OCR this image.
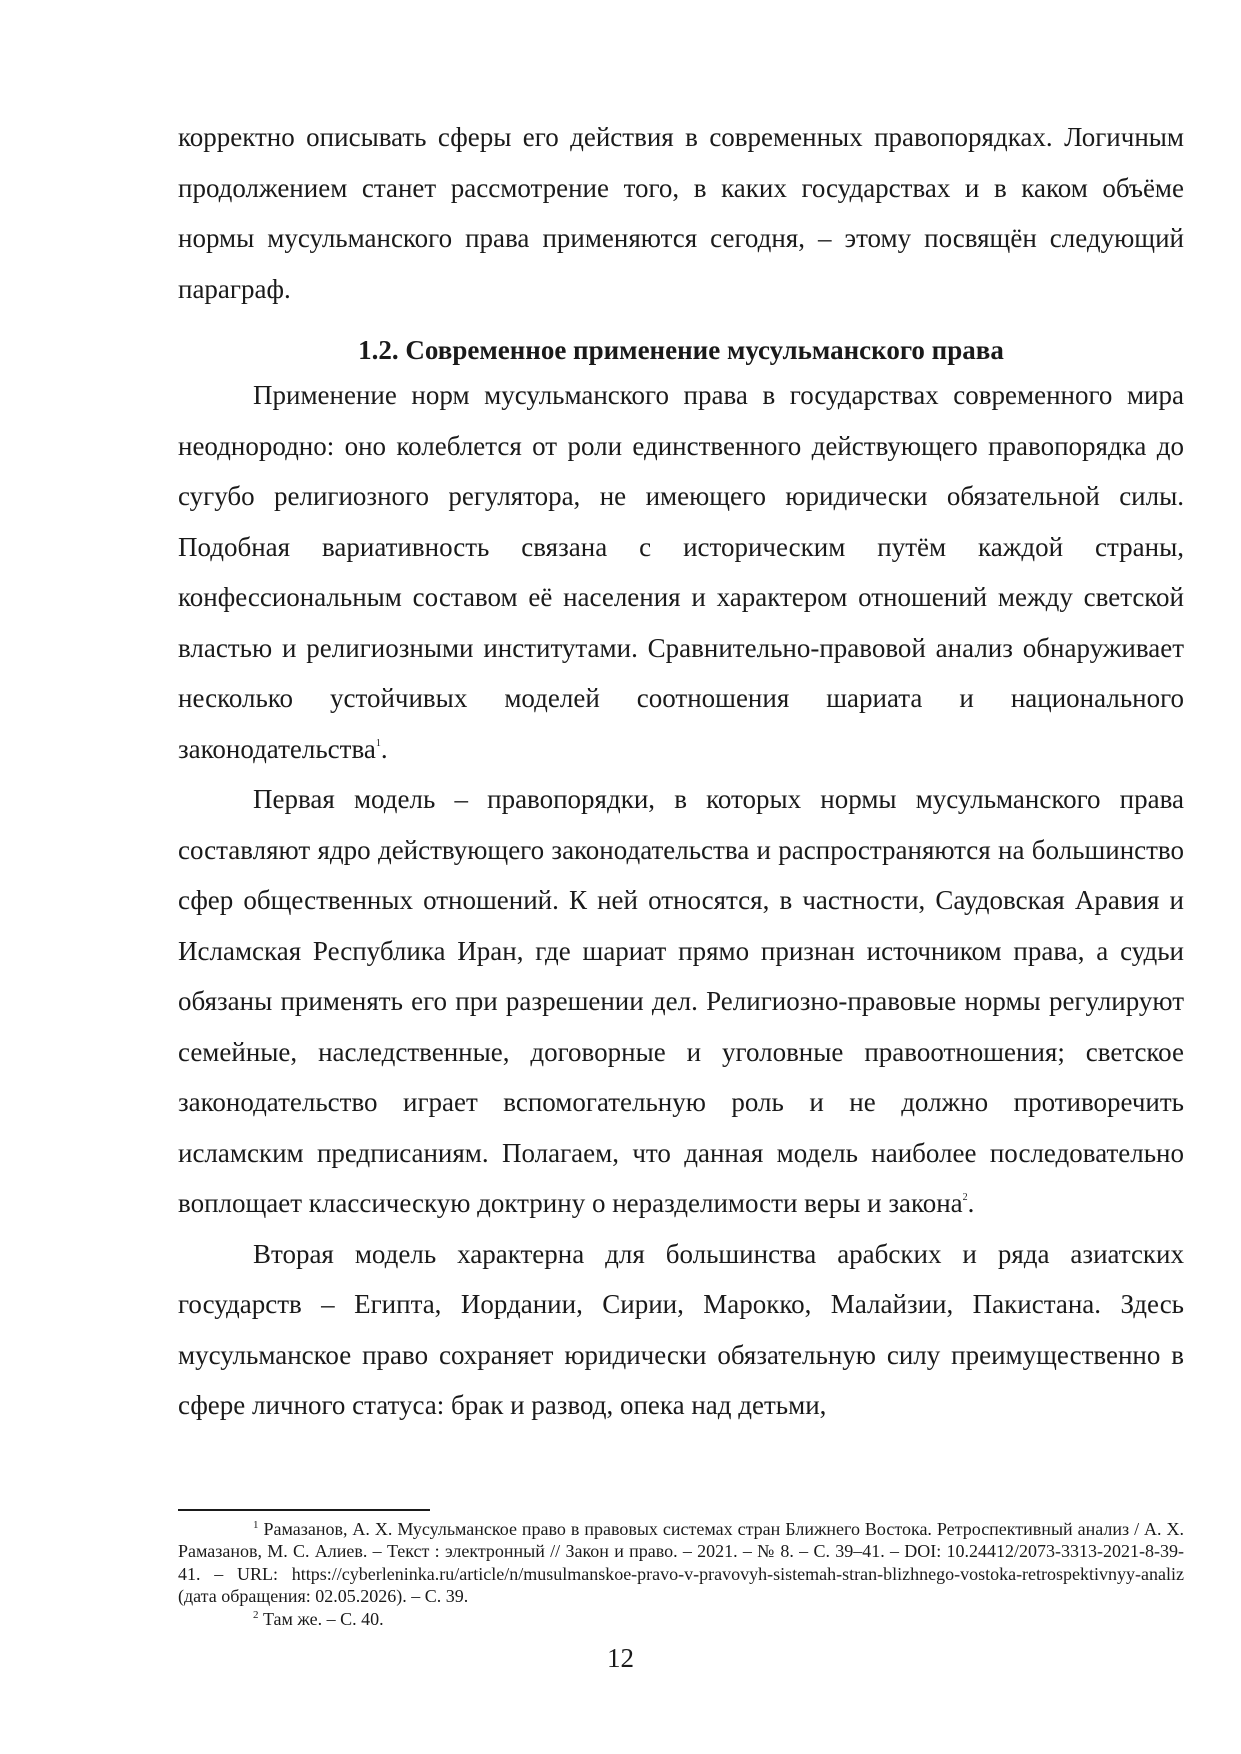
корректно описывать сферы его действия в современных правопорядках. Логичным продолжением станет рассмотрение того, в каких государствах и в каком объёме нормы мусульманского права применяются сегодня, – этому посвящён следующий параграф.

1.2. Современное применение мусульманского права

Применение норм мусульманского права в государствах современного мира неоднородно: оно колеблется от роли единственного действующего правопорядка до сугубо религиозного регулятора, не имеющего юридически обязательной силы. Подобная вариативность связана с историческим путём каждой страны, конфессиональным составом её населения и характером отношений между светской властью и религиозными институтами. Сравнительно-правовой анализ обнаруживает несколько устойчивых моделей соотношения шариата и национального законодательства$^1$.

Первая модель – правопорядки, в которых нормы мусульманского права составляют ядро действующего законодательства и распространяются на большинство сфер общественных отношений. К ней относятся, в частности, Саудовская Аравия и Исламская Республика Иран, где шариат прямо признан источником права, а судьи обязаны применять его при разрешении дел. Религиозно-правовые нормы регулируют семейные, наследственные, договорные и уголовные правоотношения; светское законодательство играет вспомогательную роль и не должно противоречить исламским предписаниям. Полагаем, что данная модель наиболее последовательно воплощает классическую доктрину о неразделимости веры и закона$^2$.

Вторая модель характерна для большинства арабских и ряда азиатских государств – Египта, Иордании, Сирии, Марокко, Малайзии, Пакистана. Здесь мусульманское право сохраняет юридически обязательную силу преимущественно в сфере личного статуса: брак и развод, опека над детьми,

$^1$ Рамазанов, А. Х. Мусульманское право в правовых системах стран Ближнего Востока. Ретроспективный анализ / А. Х. Рамазанов, М. С. Алиев. – Текст : электронный // Закон и право. – 2021. – № 8. – С. 39–41. – DOI: 10.24412/2073-3313-2021-8-39-41. – URL: https://cyberleninka.ru/article/n/musulmanskoe-pravo-v-pravovyh-sistemah-stran-blizhnego-vostoka-retrospektivnyy-analiz (дата обращения: 02.05.2026). – С. 39.

$^2$ Там же. – С. 40.

12
